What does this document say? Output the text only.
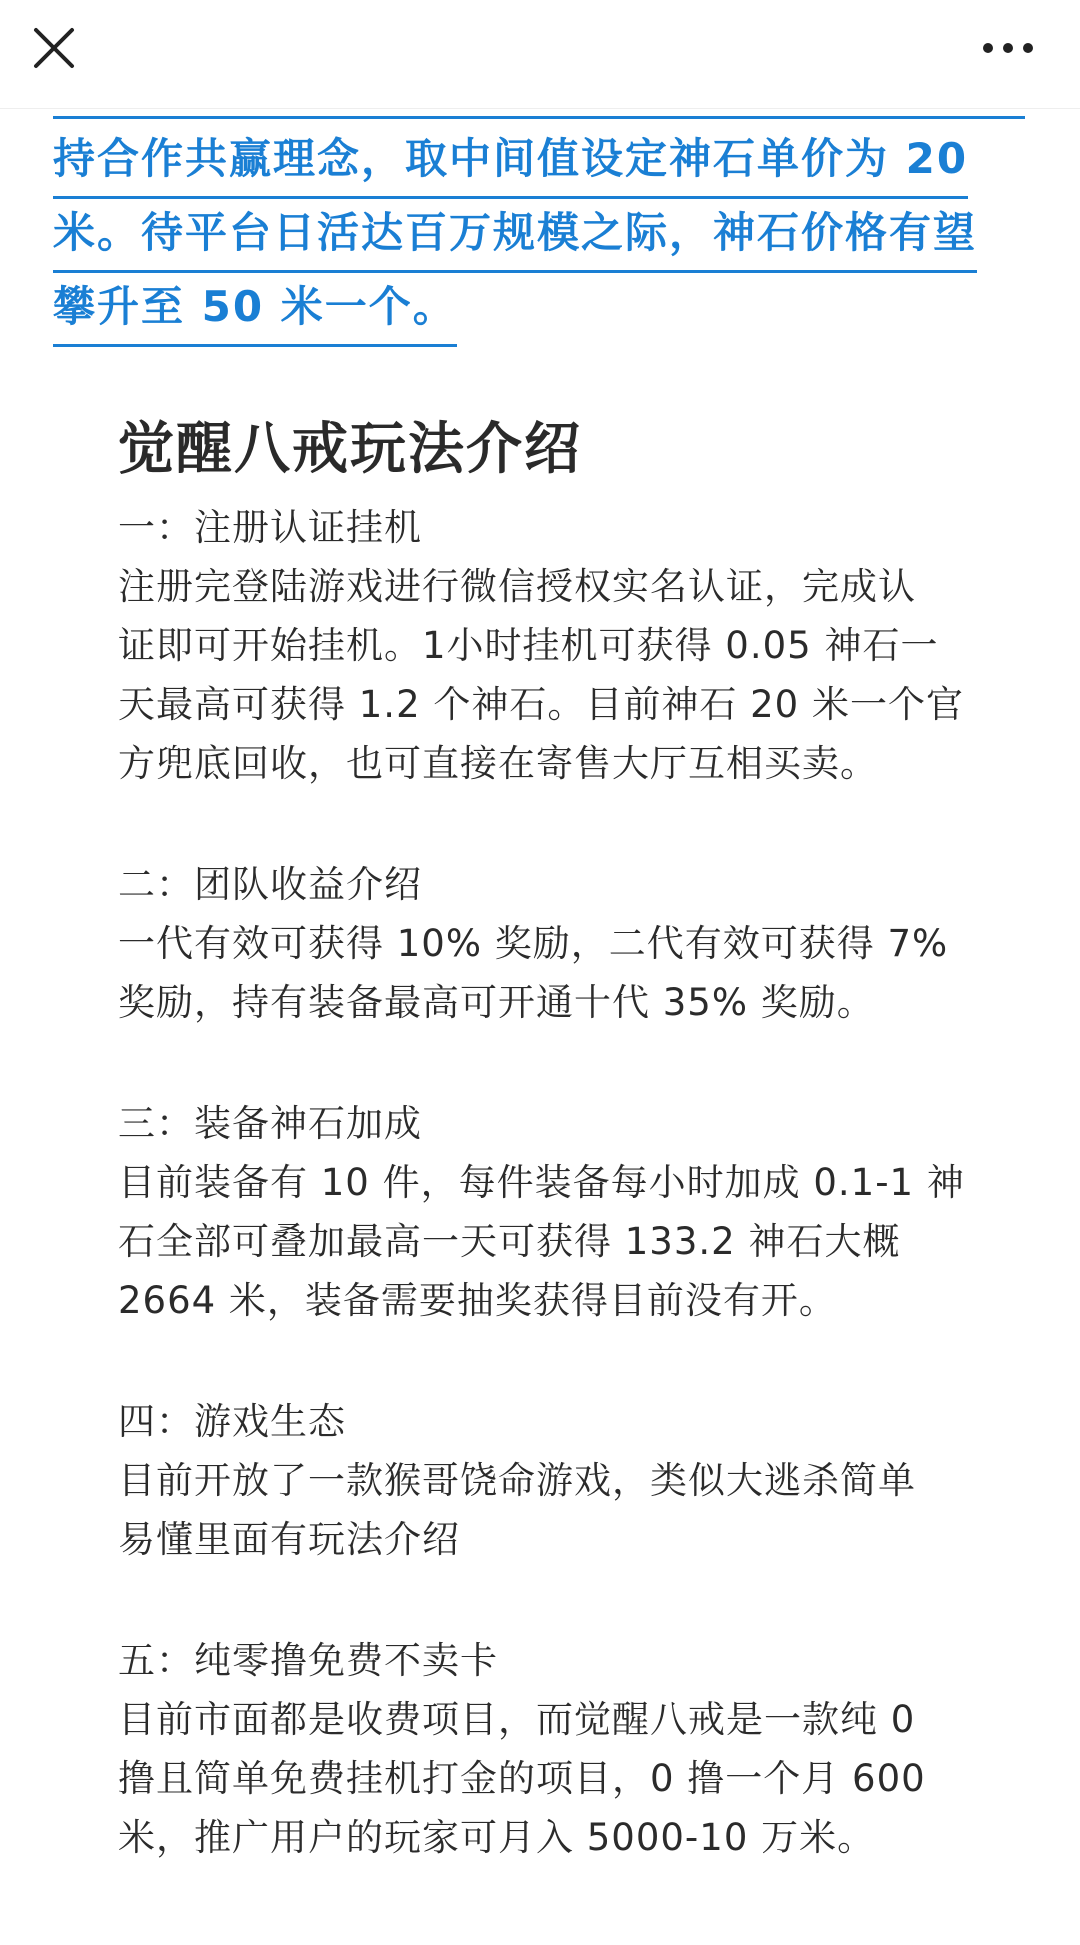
持合作共赢理念，取中间值设定神石单价为 20
米。待平台日活达百万规模之际，神石价格有望
攀升至 50 米一个。
觉醒八戒玩法介绍
一：注册认证挂机
注册完登陆游戏进行微信授权实名认证，完成认
证即可开始挂机。1小时挂机可获得 0.05 神石一
天最高可获得 1.2 个神石。目前神石 20 米一个官
方兜底回收，也可直接在寄售大厅互相买卖。
二：团队收益介绍
一代有效可获得 10% 奖励，二代有效可获得 7%
奖励，持有装备最高可开通十代 35% 奖励。
三：装备神石加成
目前装备有 10 件，每件装备每小时加成 0.1-1 神
石全部可叠加最高一天可获得 133.2 神石大概
2664 米，装备需要抽奖获得目前没有开。
四：游戏生态
目前开放了一款猴哥饶命游戏，类似大逃杀简单
易懂里面有玩法介绍
五：纯零撸免费不卖卡
目前市面都是收费项目，而觉醒八戒是一款纯 0
撸且简单免费挂机打金的项目，0 撸一个月 600
米，推广用户的玩家可月入 5000-10 万米。
